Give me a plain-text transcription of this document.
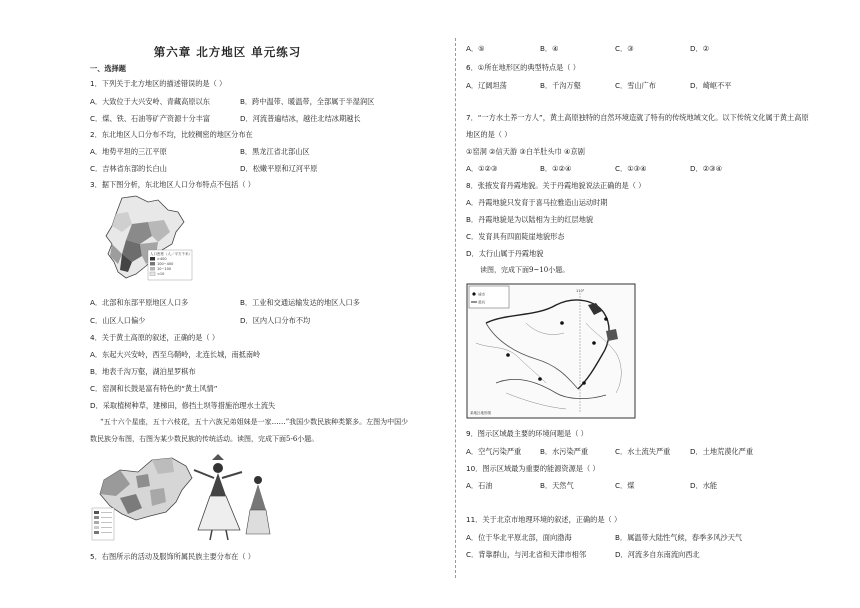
第六章 北方地区 单元练习
一、选择题
1．下列关于北方地区的描述错误的是（ ）
A．大致位于大兴安岭、青藏高原以东	B．跨中温带、暖温带，全部属于半湿润区
C．煤、铁、石油等矿产资源十分丰富	D．河流普遍结冰，越往北结冰期越长
2．东北地区人口分布不均，比较稠密的地区分布在
A．地势平坦的三江平原	B．黑龙江省北部山区
C．吉林省东部的长白山	D．松嫩平原和辽河平原
3．据下图分析，东北地区人口分布特点不包括（ ）
人口密度（人／平方千米）
>400
100~400
10~100
<10
A．北部和东部平原地区人口多	B．工业和交通运输发达的地区人口多
C．山区人口偏少	D．区内人口分布不均
4．关于黄土高原的叙述，正确的是（ ）
A．东起大兴安岭，西至乌鞘岭，北连长城，南抵南岭
B．地表千沟万壑，湖泊星罗棋布
C．窑洞和长鼓是富有特色的“黄土风情”
D．采取植树种草，建梯田，修挡土坝等措施治理水土流失
“五十六个星座，五十六枝花，五十六族兄弟姐妹是一家……”我国少数民族种类繁多。左图为中国少
数民族分布图，右图为某少数民族的传统活动。读图，完成下面5-6小题。
5．右图所示的活动及服饰所属民族主要分布在（ ）
A．⑤	B．④	C．③	D．②
6．①所在地形区的典型特点是（ ）
A．辽阔坦荡	B．千沟万壑	C．雪山广布	D．崎岖不平
7．“一方水土养一方人”，黄土高原独特的自然环境造就了特有的传统地域文化。以下传统文化属于黄土高原
地区的是（ ）
①窑洞 ②信天游 ③白羊肚头巾 ④京剧
A．①②③	B．①②④	C．①③④	D．②③④
8．张掖发育丹霞地貌。关于丹霞地貌说法正确的是（ ）
A．丹霞地貌只发育于喜马拉雅造山运动时期
B．丹霞地貌是为以陆相为主的红层地貌
C．发育具有四面陡崖地貌形态
D．太行山属于丹霞地貌
读图，完成下面9~10小题。
城市
黄河
110°
某地区地形图
9．图示区域最主要的环境问题是（ ）
A．空气污染严重	B．水污染严重	C．水土流失严重	D．土地荒漠化严重
10．图示区域最为重要的能源资源是（ ）
A．石油	B．天然气	C．煤	D．水能
11．关于北京市地理环境的叙述，正确的是（ ）
A．位于华北平原北部，面向渤海	B．属温带大陆性气候，春季多风沙天气
C．背靠群山，与河北省和天津市相邻	D．河流多自东南流向西北
